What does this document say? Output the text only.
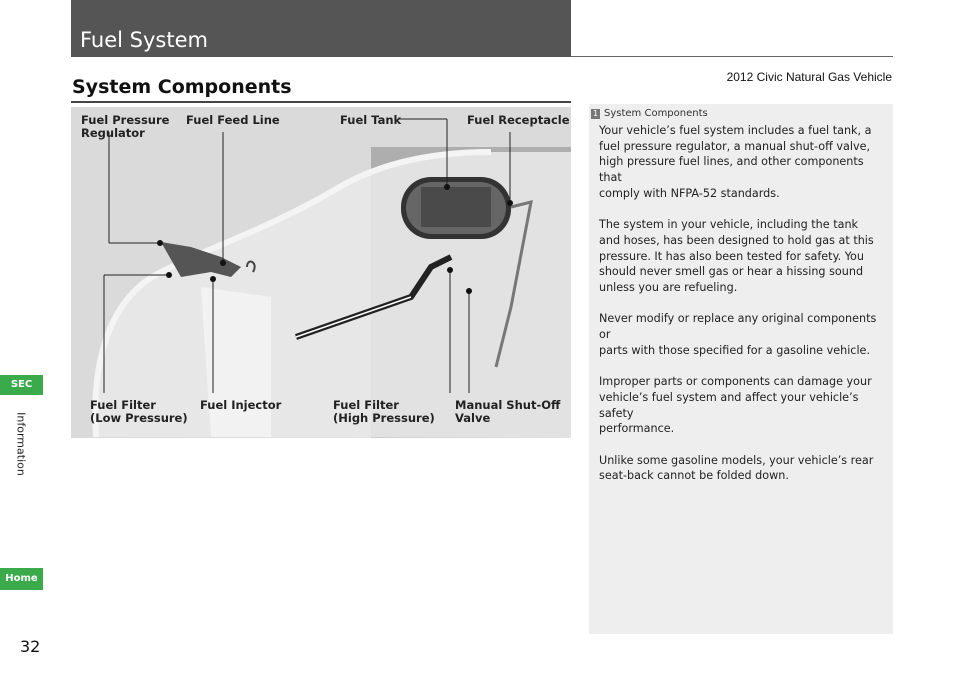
Fuel System
2012 Civic Natural Gas Vehicle
System Components
Fuel Pressure
Regulator
Fuel Feed Line	Fuel Tank	Fuel Receptacle
Fuel Filter
(Low Pressure)
Fuel Injector	Fuel Filter
(High Pressure)
Manual Shut-Off
Valve
1 System Components

Your vehicle’s fuel system includes a fuel tank, a
fuel pressure regulator, a manual shut-off valve,
high pressure fuel lines, and other components that
comply with NFPA-52 standards.

The system in your vehicle, including the tank
and hoses, has been designed to hold gas at this
pressure. It has also been tested for safety. You
should never smell gas or hear a hissing sound
unless you are refueling.

Never modify or replace any original components or
parts with those specified for a gasoline vehicle.

Improper parts or components can damage your
vehicle’s fuel system and affect your vehicle’s safety
performance.

Unlike some gasoline models, your vehicle’s rear
seat-back cannot be folded down.

SEC
Information
Home
32
